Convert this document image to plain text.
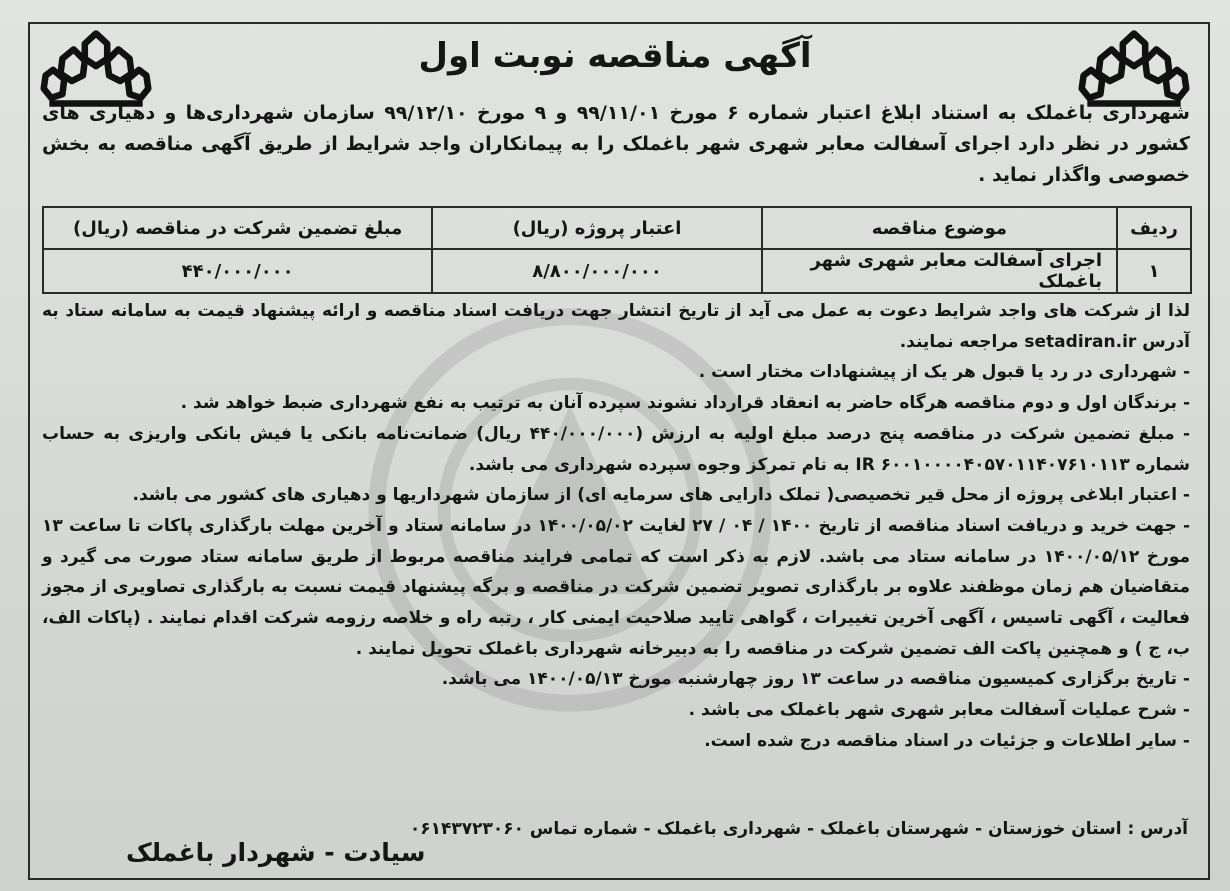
آگهی مناقصه نوبت اول
شهرداری باغملک به استناد ابلاغ اعتبار شماره ۶ مورخ ۹۹/۱۱/۰۱ و ۹ مورخ ۹۹/۱۲/۱۰ سازمان شهرداری‌ها و دهیاری های کشور در نظر دارد اجرای آسفالت معابر شهری شهر باغملک را به پیمانکاران واجد شرایط از طریق آگهی مناقصه به بخش خصوصی واگذار نماید .
ردیف	موضوع مناقصه	اعتبار پروژه (ریال)	مبلغ تضمین شرکت در مناقصه (ریال)
۱	اجرای آسفالت معابر شهری شهر باغملک	۸/۸۰۰/۰۰۰/۰۰۰	۴۴۰/۰۰۰/۰۰۰

لذا از شرکت های واجد شرایط دعوت به عمل می آید از تاریخ انتشار جهت دریافت اسناد مناقصه و ارائه پیشنهاد قیمت به سامانه ستاد به آدرس setadiran.ir مراجعه نمایند.

- شهرداری در رد یا قبول هر یک از پیشنهادات مختار است .

- برندگان اول و دوم مناقصه هرگاه حاضر به انعقاد قرارداد نشوند سپرده آنان به ترتیب به نفع شهرداری ضبط خواهد شد .

- مبلغ تضمین شرکت در مناقصه پنج درصد مبلغ اولیه به ارزش (۴۴۰/۰۰۰/۰۰۰ ریال) ضمانت‌نامه بانکی یا فیش بانکی واریزی به حساب شماره IR ۶۰۰۱۰۰۰۰۴۰۵۷۰۱۱۴۰۷۶۱۰۱۱۳ به نام تمرکز وجوه سپرده شهرداری می باشد.

- اعتبار ابلاغی پروژه از محل قیر تخصیصی( تملک دارایی های سرمایه ای) از سازمان شهرداریها و دهیاری های کشور می باشد.

- جهت خرید و دریافت اسناد مناقصه از تاریخ ۱۴۰۰ / ۰۴ / ۲۷ لغایت ۱۴۰۰/۰۵/۰۲ در سامانه ستاد و آخرین مهلت بارگذاری پاکات تا ساعت ۱۳ مورخ ۱۴۰۰/۰۵/۱۲ در سامانه ستاد می باشد. لازم به ذکر است که تمامی فرایند مناقصه مربوط از طریق سامانه ستاد صورت می گیرد و متقاضیان هم زمان موظفند علاوه بر بارگذاری تصویر تضمین شرکت در مناقصه و برگه پیشنهاد قیمت نسبت به بارگذاری تصاویری از مجوز فعالیت ، آگهی تاسیس ، آگهی آخرین تغییرات ، گواهی تایید صلاحیت ایمنی کار ، رتبه راه و خلاصه رزومه شرکت اقدام نمایند . (پاکات الف، ب، ج ) و همچنین پاکت الف تضمین شرکت در مناقصه را به دبیرخانه شهرداری باغملک تحویل نمایند .

- تاریخ برگزاری کمیسیون مناقصه در ساعت ۱۳ روز چهارشنبه مورخ ۱۴۰۰/۰۵/۱۳ می باشد.

- شرح عملیات آسفالت معابر شهری شهر باغملک می باشد .

- سایر اطلاعات و جزئیات در اسناد مناقصه درج شده است.

آدرس : استان خوزستان - شهرستان باغملک - شهرداری باغملک - شماره تماس ۰۶۱۴۳۷۲۳۰۶۰
سیادت - شهردار باغملک
